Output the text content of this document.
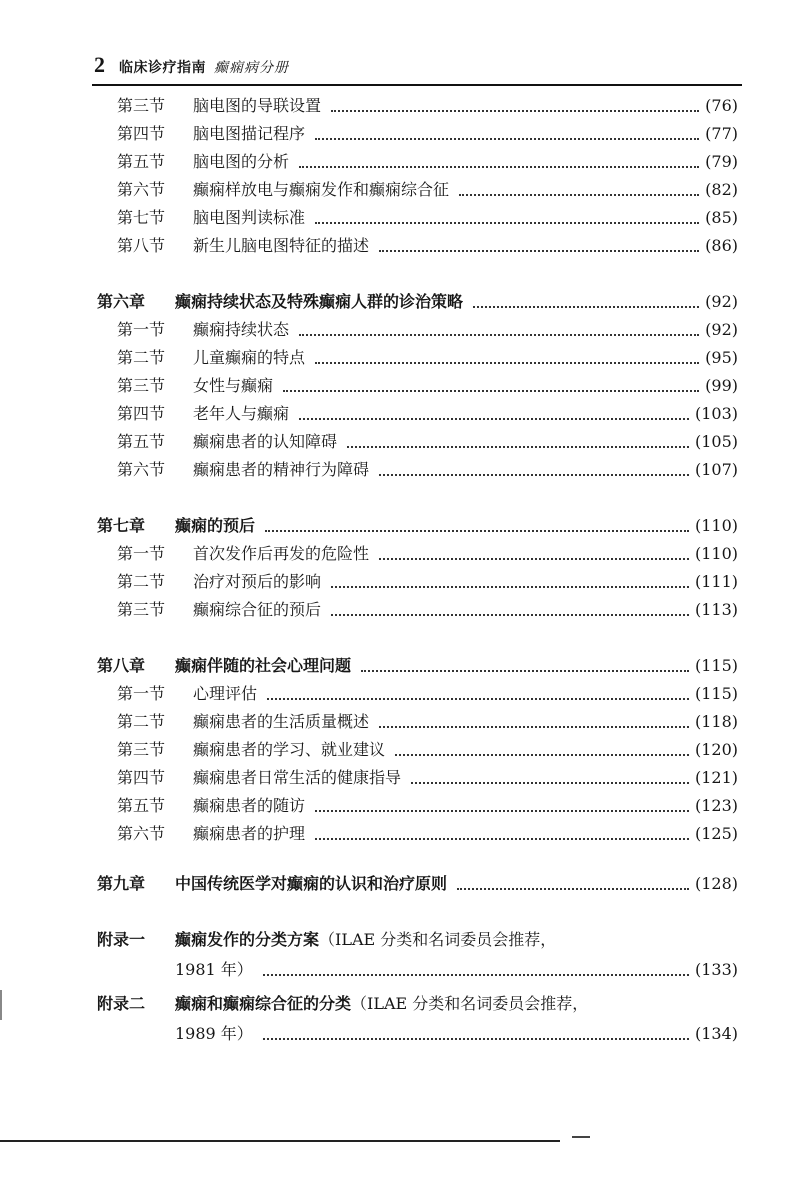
2 临床诊疗指南 癫痫病分册
第三节 脑电图的导联设置	(76)
第四节 脑电图描记程序	(77)
第五节 脑电图的分析	(79)
第六节 癫痫样放电与癫痫发作和癫痫综合征	(82)
第七节 脑电图判读标准	(85)
第八节 新生儿脑电图特征的描述	(86)
第六章 癫痫持续状态及特殊癫痫人群的诊治策略	(92)
第一节 癫痫持续状态	(92)
第二节 儿童癫痫的特点	(95)
第三节 女性与癫痫	(99)
第四节 老年人与癫痫	(103)
第五节 癫痫患者的认知障碍	(105)
第六节 癫痫患者的精神行为障碍	(107)
第七章 癫痫的预后	(110)
第一节 首次发作后再发的危险性	(110)
第二节 治疗对预后的影响	(111)
第三节 癫痫综合征的预后	(113)
第八章 癫痫伴随的社会心理问题	(115)
第一节 心理评估	(115)
第二节 癫痫患者的生活质量概述	(118)
第三节 癫痫患者的学习、就业建议	(120)
第四节 癫痫患者日常生活的健康指导	(121)
第五节 癫痫患者的随访	(123)
第六节 癫痫患者的护理	(125)
第九章 中国传统医学对癫痫的认识和治疗原则	(128)
附录一 癫痫发作的分类方案（ILAE 分类和名词委员会推荐，
1981 年）	(133)
附录二 癫痫和癫痫综合征的分类（ILAE 分类和名词委员会推荐，
1989 年）	(134)
